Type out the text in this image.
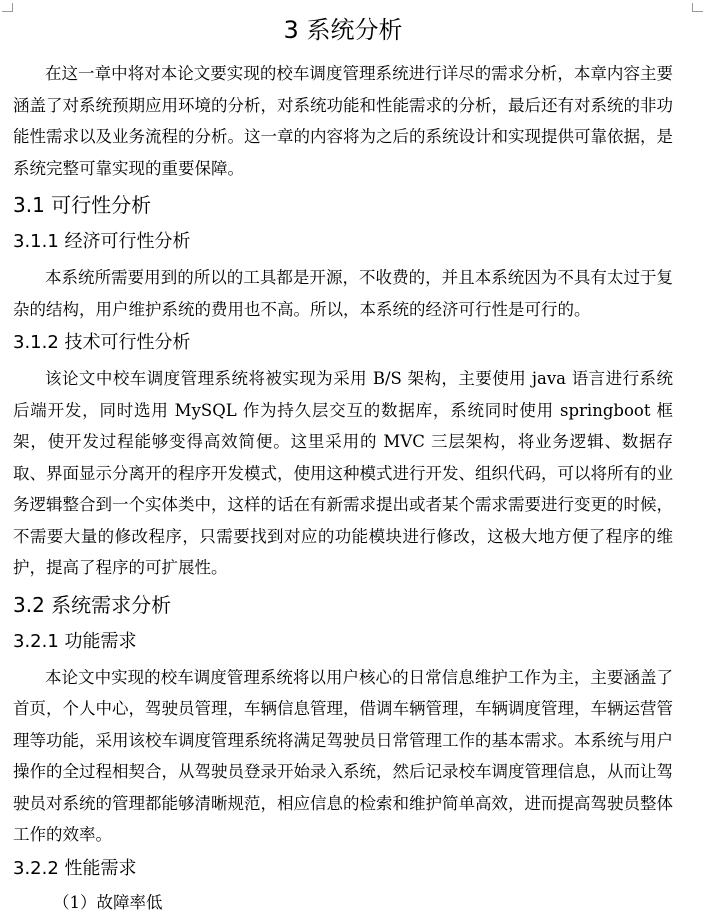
3 系统分析

在这一章中将对本论文要实现的校车调度管理系统进行详尽的需求分析，本章内容主要涵盖了对系统预期应用环境的分析，对系统功能和性能需求的分析，最后还有对系统的非功能性需求以及业务流程的分析。这一章的内容将为之后的系统设计和实现提供可靠依据，是系统完整可靠实现的重要保障。

3.1 可行性分析
3.1.1 经济可行性分析

本系统所需要用到的所以的工具都是开源，不收费的，并且本系统因为不具有太过于复杂的结构，用户维护系统的费用也不高。所以，本系统的经济可行性是可行的。

3.1.2 技术可行性分析

该论文中校车调度管理系统将被实现为采用 B/S 架构，主要使用 java 语言进行系统后端开发，同时选用 MySQL 作为持久层交互的数据库，系统同时使用 springboot 框架，使开发过程能够变得高效简便。这里采用的 MVC 三层架构，将业务逻辑、数据存取、界面显示分离开的程序开发模式，使用这种模式进行开发、组织代码，可以将所有的业务逻辑整合到一个实体类中，这样的话在有新需求提出或者某个需求需要进行变更的时候，不需要大量的修改程序，只需要找到对应的功能模块进行修改，这极大地方便了程序的维护，提高了程序的可扩展性。

3.2 系统需求分析
3.2.1 功能需求

本论文中实现的校车调度管理系统将以用户核心的日常信息维护工作为主，主要涵盖了首页，个人中心，驾驶员管理，车辆信息管理，借调车辆管理，车辆调度管理，车辆运营管理等功能，采用该校车调度管理系统将满足驾驶员日常管理工作的基本需求。本系统与用户操作的全过程相契合，从驾驶员登录开始录入系统，然后记录校车调度管理信息，从而让驾驶员对系统的管理都能够清晰规范，相应信息的检索和维护简单高效，进而提高驾驶员整体工作的效率。

3.2.2 性能需求

（1）故障率低
